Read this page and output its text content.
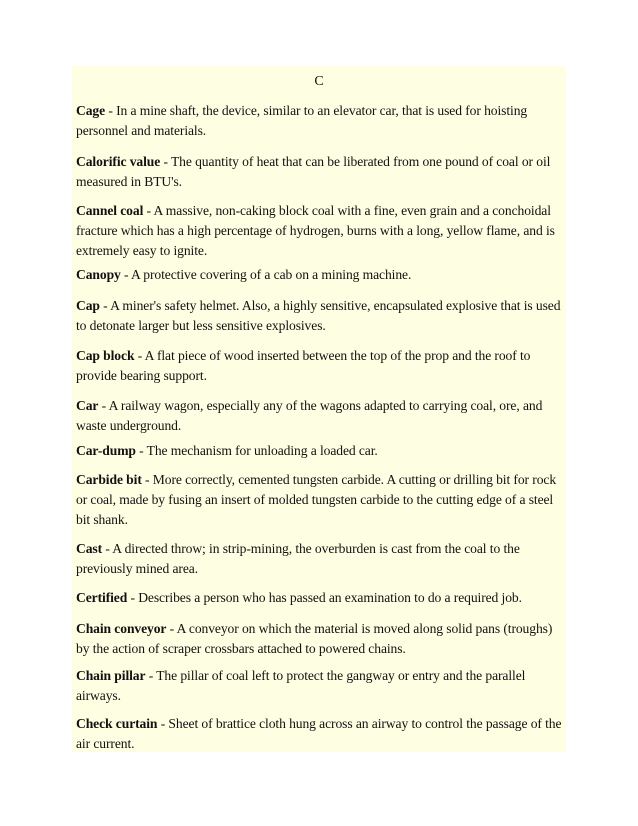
C

Cage - In a mine shaft, the device, similar to an elevator car, that is used for hoisting personnel and materials.

Calorific value - The quantity of heat that can be liberated from one pound of coal or oil measured in BTU's.

Cannel coal - A massive, non-caking block coal with a fine, even grain and a conchoidal fracture which has a high percentage of hydrogen, burns with a long, yellow flame, and is extremely easy to ignite.

Canopy - A protective covering of a cab on a mining machine.

Cap - A miner's safety helmet. Also, a highly sensitive, encapsulated explosive that is used to detonate larger but less sensitive explosives.

Cap block - A flat piece of wood inserted between the top of the prop and the roof to provide bearing support.

Car - A railway wagon, especially any of the wagons adapted to carrying coal, ore, and waste underground.

Car-dump - The mechanism for unloading a loaded car.

Carbide bit - More correctly, cemented tungsten carbide. A cutting or drilling bit for rock or coal, made by fusing an insert of molded tungsten carbide to the cutting edge of a steel bit shank.

Cast - A directed throw; in strip-mining, the overburden is cast from the coal to the previously mined area.

Certified - Describes a person who has passed an examination to do a required job.

Chain conveyor - A conveyor on which the material is moved along solid pans (troughs) by the action of scraper crossbars attached to powered chains.

Chain pillar - The pillar of coal left to protect the gangway or entry and the parallel airways.

Check curtain - Sheet of brattice cloth hung across an airway to control the passage of the air current.
